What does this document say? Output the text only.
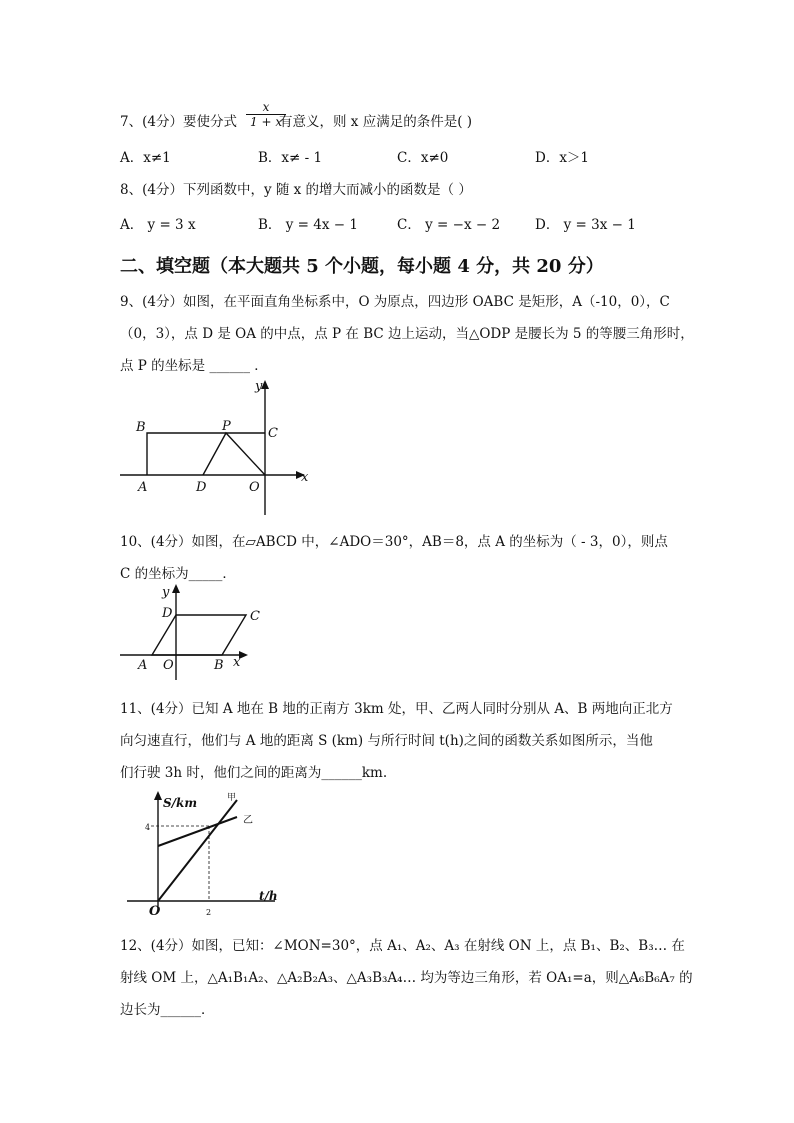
7、(4分）要使分式 $\frac{x}{1 + x}$
有意义，则 x 应满足的条件是( )
A．x≠1	B．x≠ - 1	C．x≠0	D．x＞1
8、(4分）下列函数中，y 随 x 的增大而减小的函数是（ ）
A． y = 3 x	B． y = 4x − 1	C． y = −x − 2	D． y = 3x − 1
二、填空题（本大题共 5 个小题，每小题 4 分，共 20 分）
9、(4分）如图，在平面直角坐标系中，O 为原点，四边形 OABC 是矩形，A（-10，0），C
（0，3），点 D 是 OA 的中点，点 P 在 BC 边上运动，当△ODP 是腰长为 5 的等腰三角形时，
点 P 的坐标是 ______ ．
y
x
B	P	C
A	D	O
10、(4分）如图，在▱ABCD 中，∠ADO＝30°，AB＝8，点 A 的坐标为（ - 3，0），则点
C 的坐标为_____．
y
D	C
A O	B x
11、(4分）已知 A 地在 B 地的正南方 3km 处，甲、乙两人同时分别从 A、B 两地向正北方
向匀速直行，他们与 A 地的距离 S (km) 与所行时间 t(h)之间的函数关系如图所示，当他
们行驶 3h 时，他们之间的距离为______km.
S/km	甲
乙
4
2
O
t/h
12、(4分）如图，已知：∠MON=30°，点 A₁、A₂、A₃ 在射线 ON 上，点 B₁、B₂、B₃… 在
射线 OM 上，△A₁B₁A₂、△A₂B₂A₃、△A₃B₃A₄… 均为等边三角形，若 OA₁=a，则△A₆B₆A₇ 的
边长为______．
